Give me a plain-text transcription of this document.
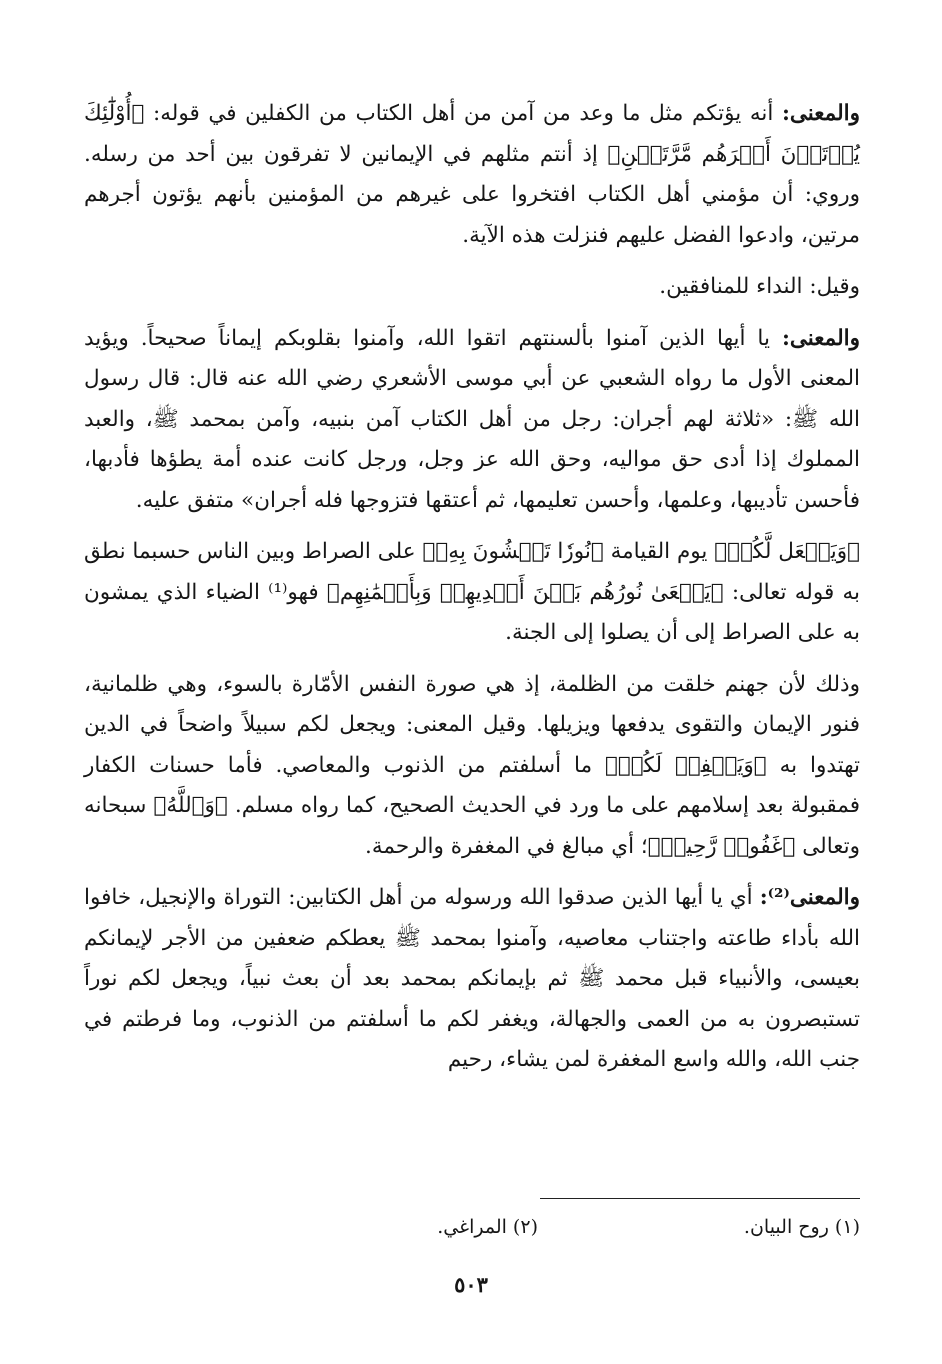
والمعنى: أنه يؤتكم مثل ما وعد من آمن من أهل الكتاب من الكفلين في قوله: ﴿أُوْلَٰٓئِكَ يُؤۡتَوۡنَ أَجۡرَهُم مَّرَّتَيۡنِ﴾ إذ أنتم مثلهم في الإيمانين لا تفرقون بين أحد من رسله. وروي: أن مؤمني أهل الكتاب افتخروا على غيرهم من المؤمنين بأنهم يؤتون أجرهم مرتين، وادعوا الفضل عليهم فنزلت هذه الآية.

وقيل: النداء للمنافقين.

والمعنى: يا أيها الذين آمنوا بألسنتهم اتقوا الله، وآمنوا بقلوبكم إيماناً صحيحاً. ويؤيد المعنى الأول ما رواه الشعبي عن أبي موسى الأشعري رضي الله عنه قال: قال رسول الله ﷺ: «ثلاثة لهم أجران: رجل من أهل الكتاب آمن بنبيه، وآمن بمحمد ﷺ، والعبد المملوك إذا أدى حق مواليه، وحق الله عز وجل، ورجل كانت عنده أمة يطؤها فأدبها، فأحسن تأديبها، وعلمها، وأحسن تعليمها، ثم أعتقها فتزوجها فله أجران» متفق عليه.

﴿وَيَجۡعَل لَّكُمۡ﴾ يوم القيامة ﴿نُورٗا تَمۡشُونَ بِهِۦ﴾ على الصراط وبين الناس حسبما نطق به قوله تعالى: ﴿يَسۡعَىٰ نُورُهُم بَيۡنَ أَيۡدِيهِمۡ وَبِأَيۡمَٰنِهِم﴾ فهو⁽¹⁾ الضياء الذي يمشون به على الصراط إلى أن يصلوا إلى الجنة.

وذلك لأن جهنم خلقت من الظلمة، إذ هي صورة النفس الأمّارة بالسوء، وهي ظلمانية، فنور الإيمان والتقوى يدفعها ويزيلها. وقيل المعنى: ويجعل لكم سبيلاً واضحاً في الدين تهتدوا به ﴿وَيَغۡفِرۡ لَكُمۡ﴾ ما أسلفتم من الذنوب والمعاصي. فأما حسنات الكفار فمقبولة بعد إسلامهم على ما ورد في الحديث الصحيح، كما رواه مسلم. ﴿وَٱللَّهُ﴾ سبحانه وتعالى ﴿غَفُورٞ رَّحِيمٞ﴾؛ أي مبالغ في المغفرة والرحمة.

والمعنى⁽²⁾: أي يا أيها الذين صدقوا الله ورسوله من أهل الكتابين: التوراة والإنجيل، خافوا الله بأداء طاعته واجتناب معاصيه، وآمنوا بمحمد ﷺ يعطكم ضعفين من الأجر لإيمانكم بعيسى، والأنبياء قبل محمد ﷺ ثم بإيمانكم بمحمد بعد أن بعث نبياً، ويجعل لكم نوراً تستبصرون به من العمى والجهالة، ويغفر لكم ما أسلفتم من الذنوب، وما فرطتم في جنب الله، والله واسع المغفرة لمن يشاء، رحيم

(١) روح البيان.
(٢) المراغي.
٥٠٣
